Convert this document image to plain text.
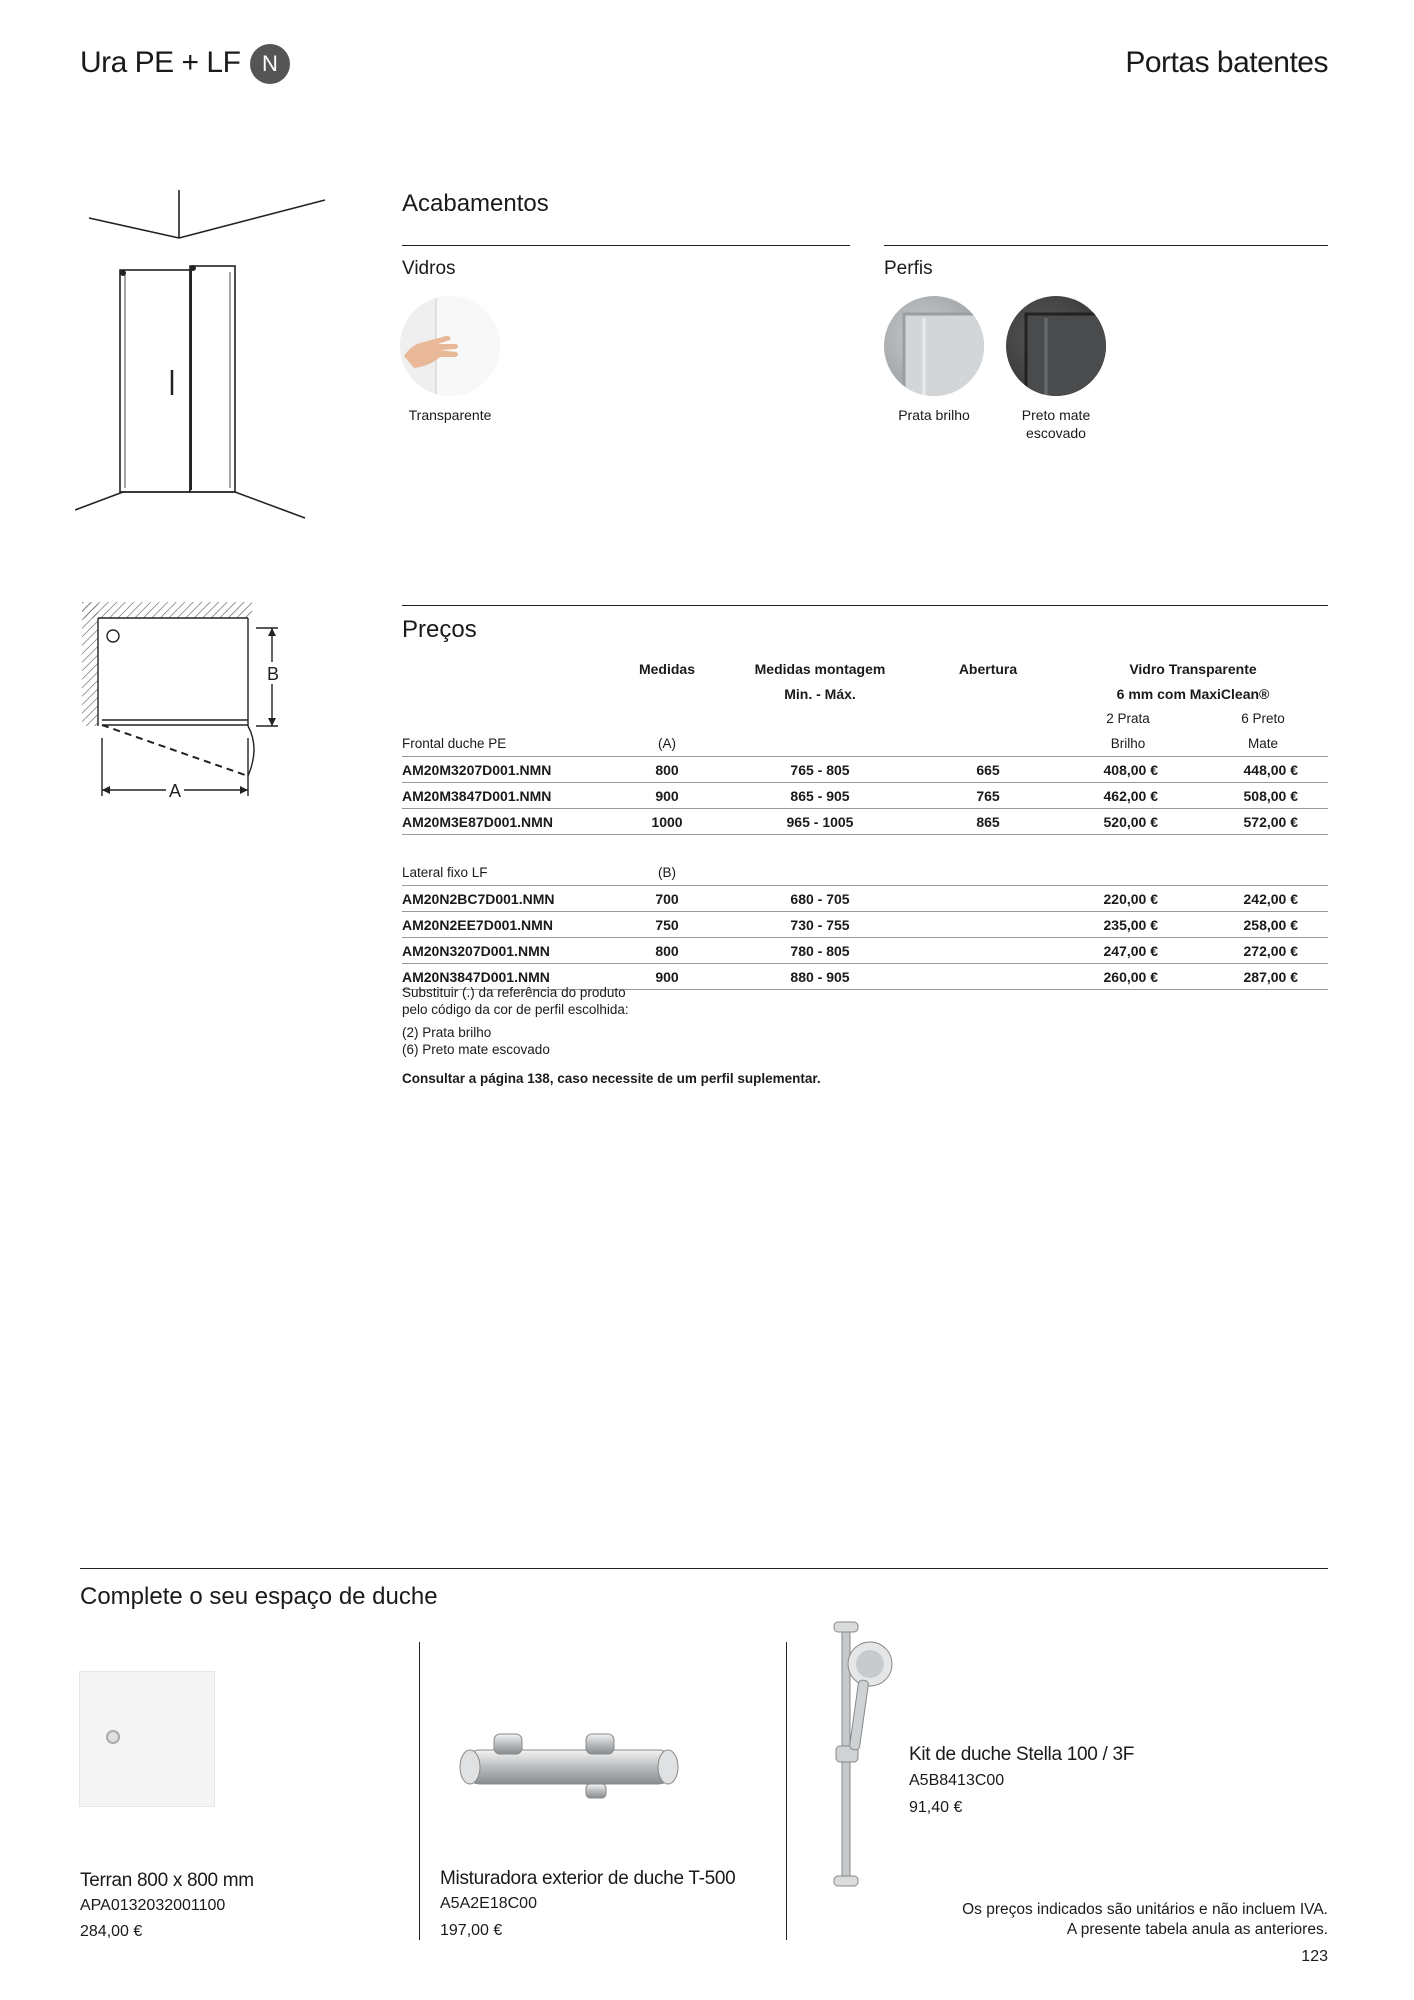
Ura PE + LF N	Portas batentes
B
A
Acabamentos
Vidros	Perfis
Transparente	Prata brilho	Preto mate escovado
Preços
	Medidas	Medidas montagem	Abertura	Vidro Transparente	
		Min. - Máx.		6 mm com MaxiClean®	
				2 Prata	6 Preto
Frontal duche PE	(A)			Brilho	Mate
AM20M3207D001.NMN	800	765 - 805	665	408,00 €	448,00 €
AM20M3847D001.NMN	900	865 - 905	765	462,00 €	508,00 €
AM20M3E87D001.NMN	1000	965 - 1005	865	520,00 €	572,00 €

Lateral fixo LF	(B)				
AM20N2BC7D001.NMN	700	680 - 705		220,00 €	242,00 €
AM20N2EE7D001.NMN	750	730 - 755		235,00 €	258,00 €
AM20N3207D001.NMN	800	780 - 805		247,00 €	272,00 €
AM20N3847D001.NMN	900	880 - 905		260,00 €	287,00 €
Substituir (.) da referência do produto
pelo código da cor de perfil escolhida:
(2) Prata brilho
(6) Preto mate escovado
Consultar a página 138, caso necessite de um perfil suplementar.
Complete o seu espaço de duche
Terran 800 x 800 mm
APA0132032001100
284,00 €
Misturadora exterior de duche T-500
A5A2E18C00
197,00 €
Kit de duche Stella 100 / 3F
A5B8413C00
91,40 €
Os preços indicados são unitários e não incluem IVA.
A presente tabela anula as anteriores.
123
